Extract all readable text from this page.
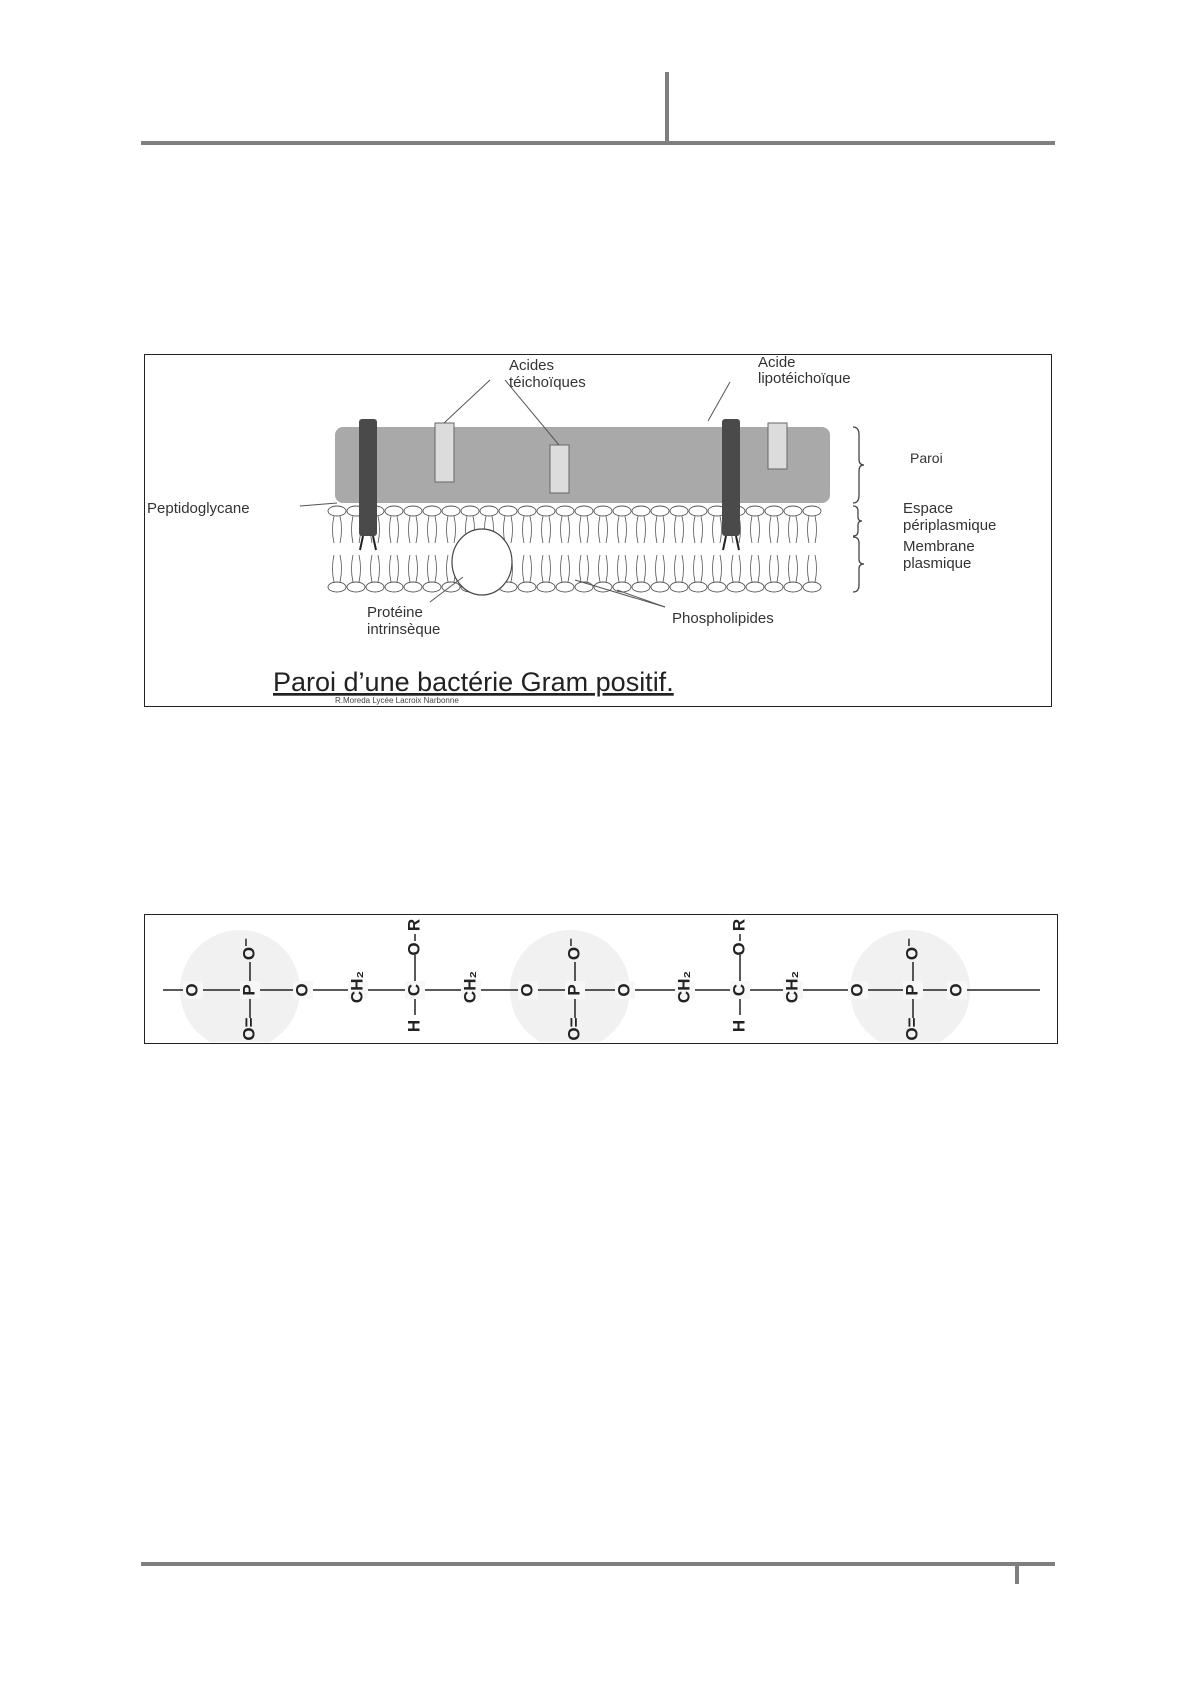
Acides
téichoïques
Acide
lipotéichoïque
Paroi
Espace
périplasmique
Membrane
plasmique
Peptidoglycane
Protéine
intrinsèque
Phospholipides
Paroi d’une bactérie Gram positif.
R.Moreda Lycée Lacroix Narbonne
P
O⁻
O=
P
O⁻
O=
P
O⁻
O=
O	O	O	O	O	O
CH₂	CH₂	CH₂	CH₂
C
H
O
R
C
H
O
R
